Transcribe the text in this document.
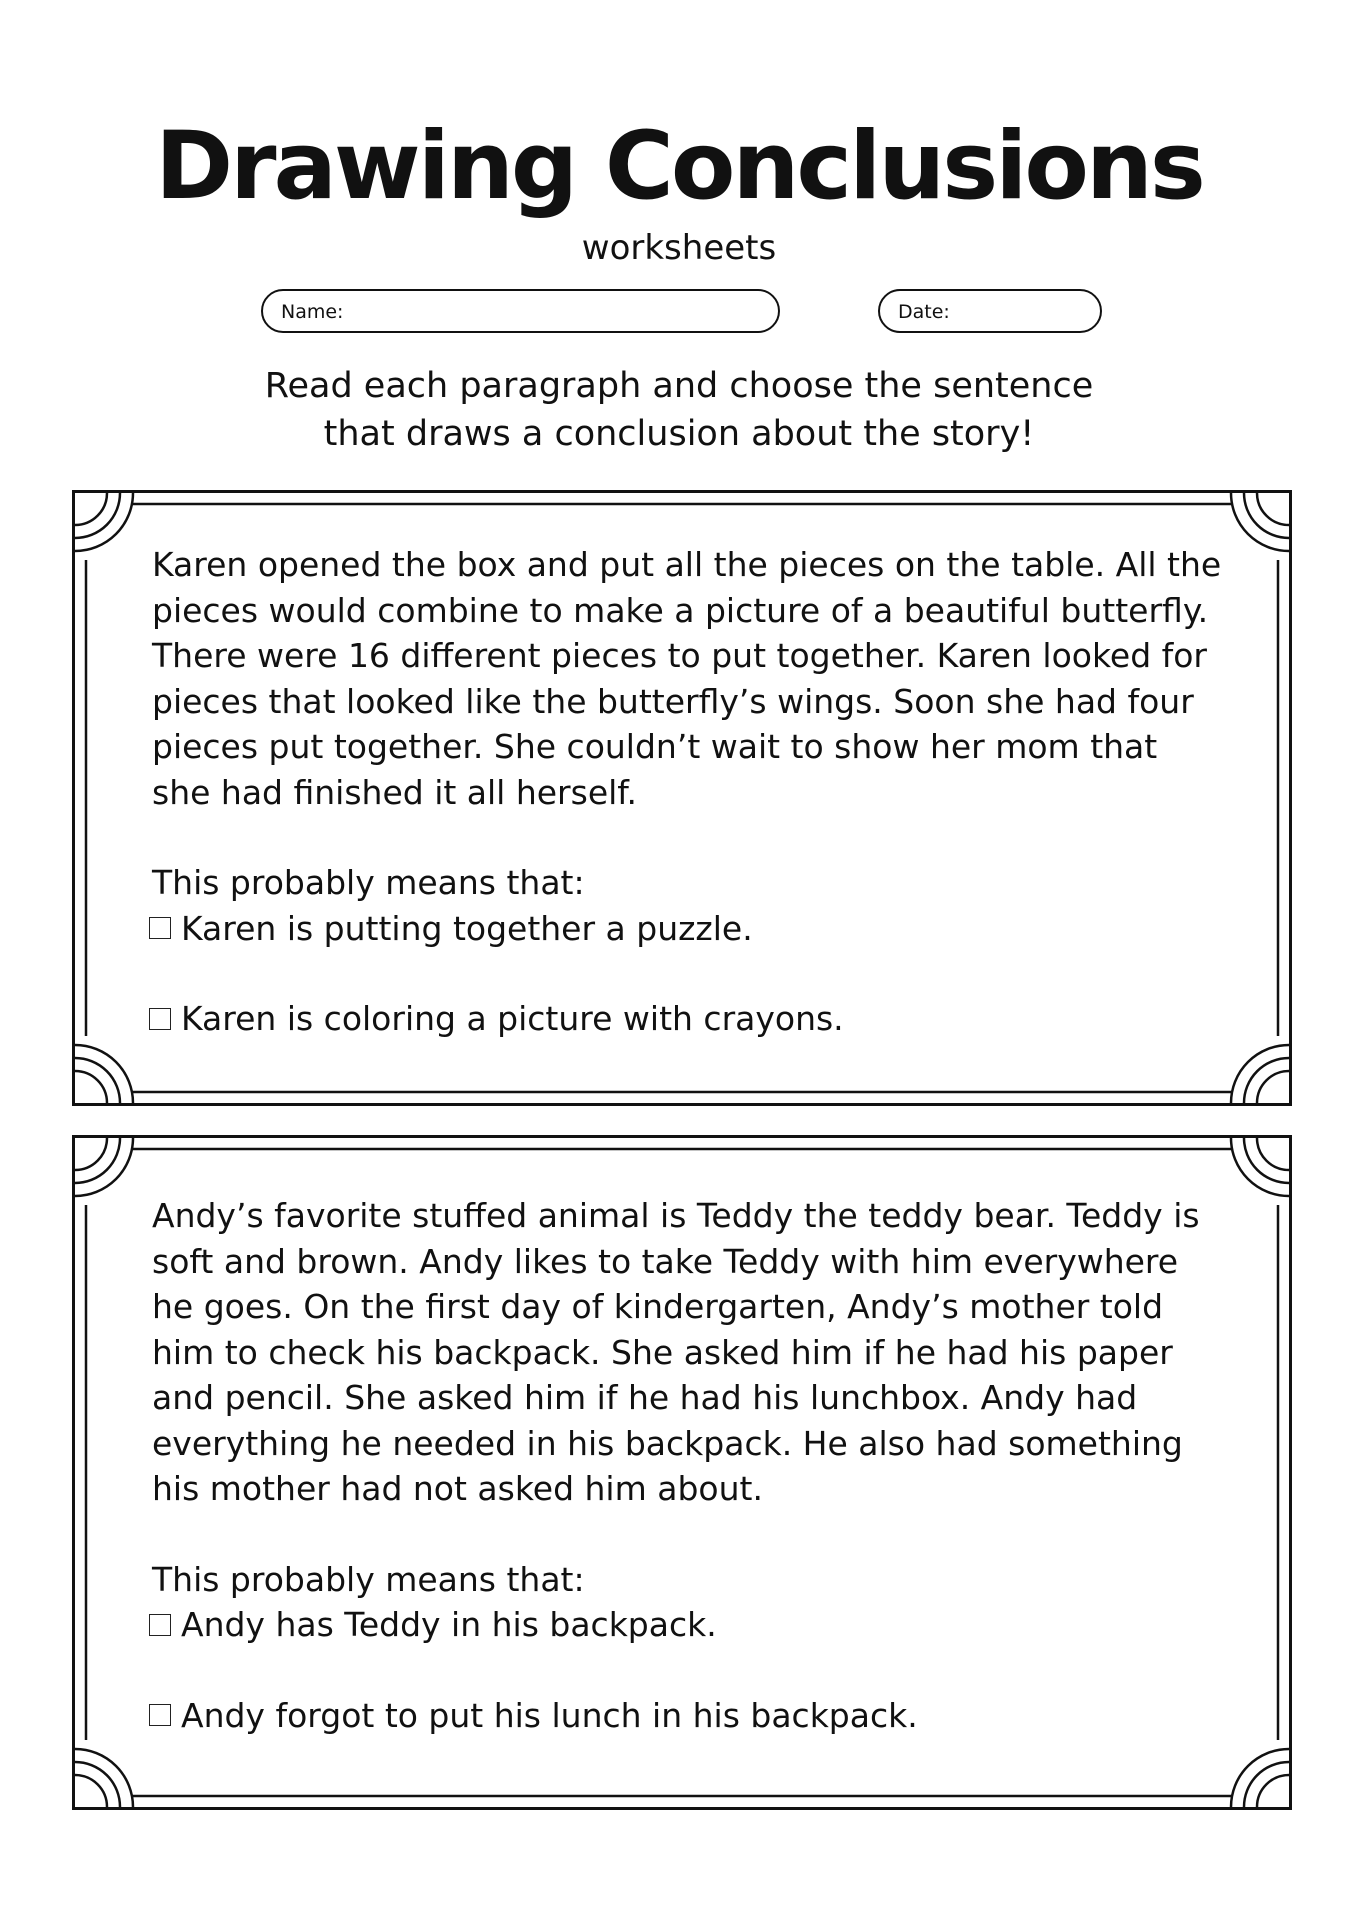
Drawing Conclusions
worksheets
Name:	Date:
Read each paragraph and choose the sentence
that draws a conclusion about the story!

Karen opened the box and put all the pieces on the table. All the pieces would combine to make a picture of a beautiful butterfly. There were 16 different pieces to put together. Karen looked for pieces that looked like the butterfly’s wings. Soon she had four pieces put together. She couldn’t wait to show her mom that she had finished it all herself.

This probably means that:

Karen is putting together a puzzle.
Karen is coloring a picture with crayons.

Andy’s favorite stuffed animal is Teddy the teddy bear. Teddy is soft and brown. Andy likes to take Teddy with him everywhere he goes. On the first day of kindergarten, Andy’s mother told him to check his backpack. She asked him if he had his paper and pencil. She asked him if he had his lunchbox. Andy had everything he needed in his backpack. He also had something his mother had not asked him about.

This probably means that:

Andy has Teddy in his backpack.
Andy forgot to put his lunch in his backpack.
